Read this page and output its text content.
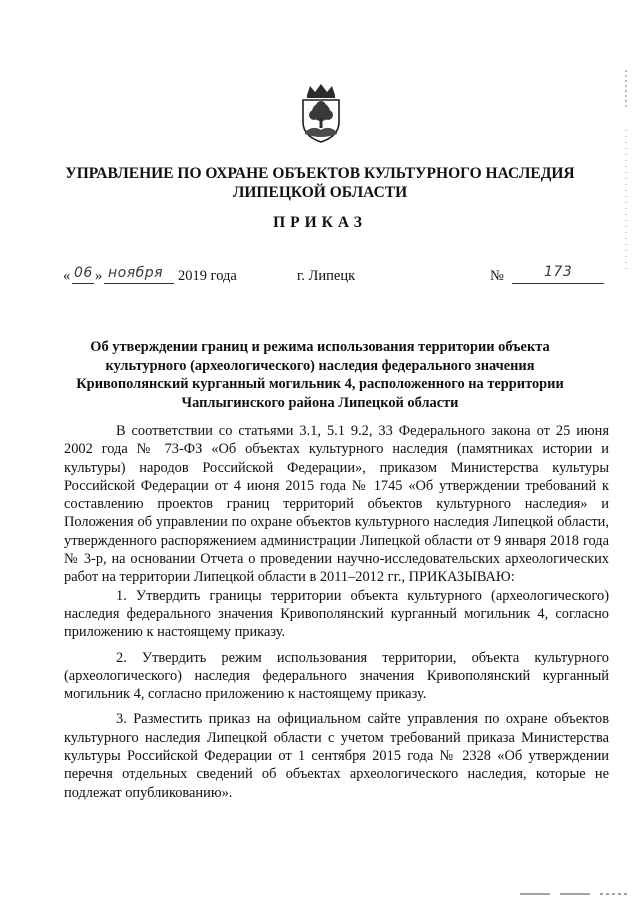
УПРАВЛЕНИЕ ПО ОХРАНЕ ОБЪЕКТОВ КУЛЬТУРНОГО НАСЛЕДИЯ
ЛИПЕЦКОЙ ОБЛАСТИ
ПРИКАЗ
« 06 » ноября 2019 года	г. Липецк	№	173
Об утверждении границ и режима использования территории объекта
культурного (археологического) наследия федерального значения
Кривополянский курганный могильник 4, расположенного на территории
Чаплыгинского района Липецкой области

В соответствии со статьями 3.1, 5.1 9.2, 33 Федерального закона от 25 июня 2002 года № 73-ФЗ «Об объектах культурного наследия (памятниках истории и культуры) народов Российской Федерации», приказом Министерства культуры Российской Федерации от 4 июня 2015 года № 1745 «Об утверждении требований к составлению проектов границ территорий объектов культурного наследия» и Положения об управлении по охране объектов культурного наследия Липецкой области, утвержденного распоряжением администрации Липецкой области от 9 января 2018 года № 3-р, на основании Отчета о проведении научно-исследовательских археологических работ на территории Липецкой области в 2011–2012 гг., ПРИКАЗЫВАЮ:

1. Утвердить границы территории объекта культурного (археологического) наследия федерального значения Кривополянский курганный могильник 4, согласно приложению к настоящему приказу.

2. Утвердить режим использования территории, объекта культурного (археологического) наследия федерального значения Кривополянский курганный могильник 4, согласно приложению к настоящему приказу.

3. Разместить приказ на официальном сайте управления по охране объектов культурного наследия Липецкой области с учетом требований приказа Министерства культуры Российской Федерации от 1 сентября 2015 года № 2328 «Об утверждении перечня отдельных сведений об объектах археологического наследия, которые не подлежат опубликованию».
